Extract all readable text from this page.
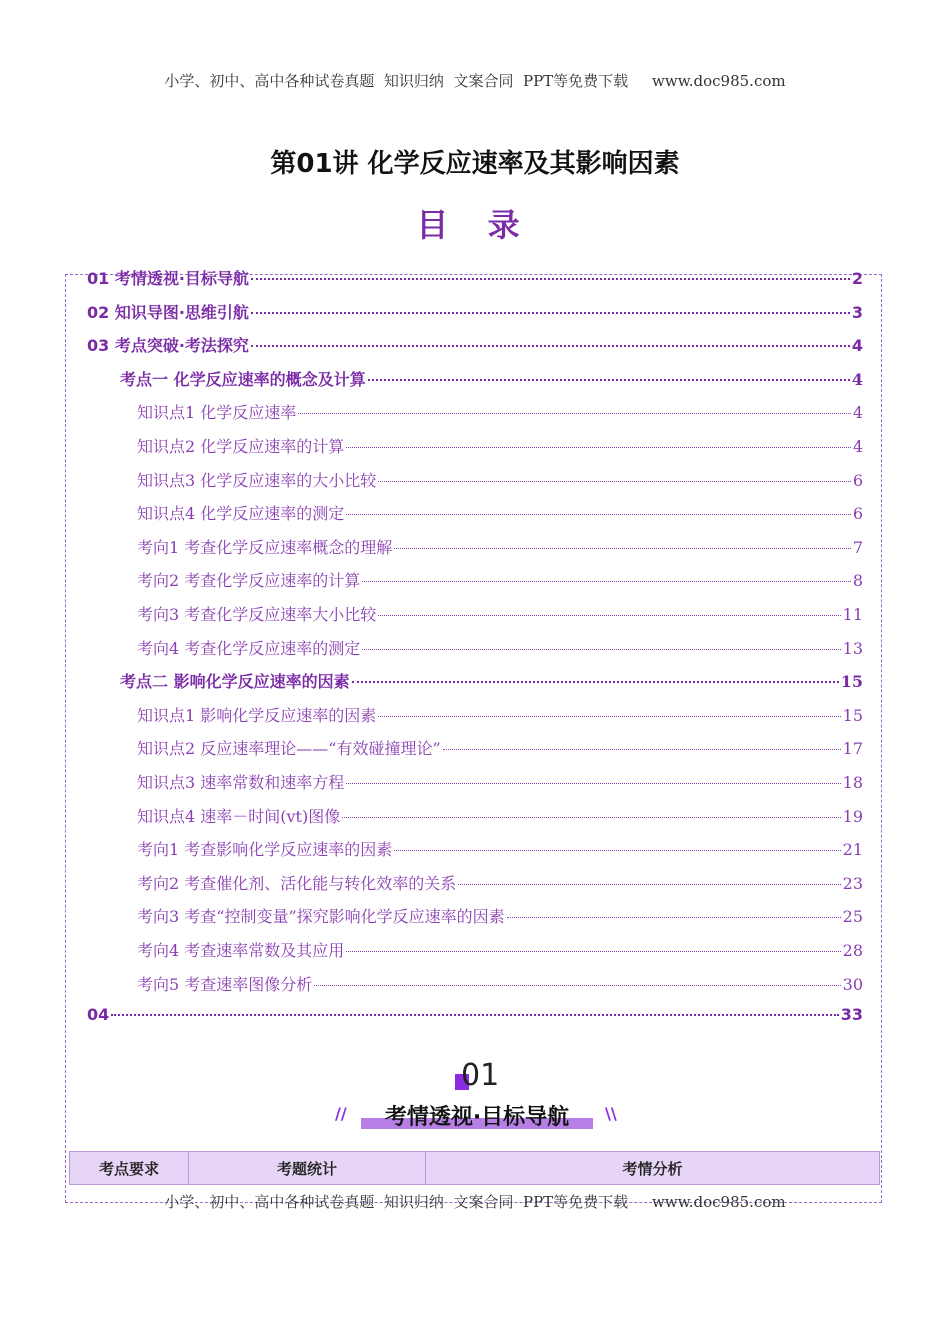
小学、初中、高中各种试卷真题  知识归纳  文案合同  PPT等免费下载     www.doc985.com
第01讲 化学反应速率及其影响因素
目 录
01 考情透视·目标导航	2
02 知识导图·思维引航	3
03 考点突破·考法探究	4
考点一 化学反应速率的概念及计算	4
知识点1 化学反应速率	4
知识点2 化学反应速率的计算	4
知识点3 化学反应速率的大小比较	6
知识点4 化学反应速率的测定	6
考向1 考查化学反应速率概念的理解	7
考向2 考查化学反应速率的计算	8
考向3 考查化学反应速率大小比较	11
考向4 考查化学反应速率的测定	13
考点二 影响化学反应速率的因素	15
知识点1 影响化学反应速率的因素	15
知识点2 反应速率理论——“有效碰撞理论”	17
知识点3 速率常数和速率方程	18
知识点4 速率－时间(vt)图像	19
考向1 考查影响化学反应速率的因素	21
考向2 考查催化剂、活化能与转化效率的关系	23
考向3 考查“控制变量”探究影响化学反应速率的因素	25
考向4 考查速率常数及其应用	28
考向5 考查速率图像分析	30
04	33
01
//	考情透视·目标导航	\\
考点要求	考题统计	考情分析
小学、初中、高中各种试卷真题  知识归纳  文案合同  PPT等免费下载     www.doc985.com
